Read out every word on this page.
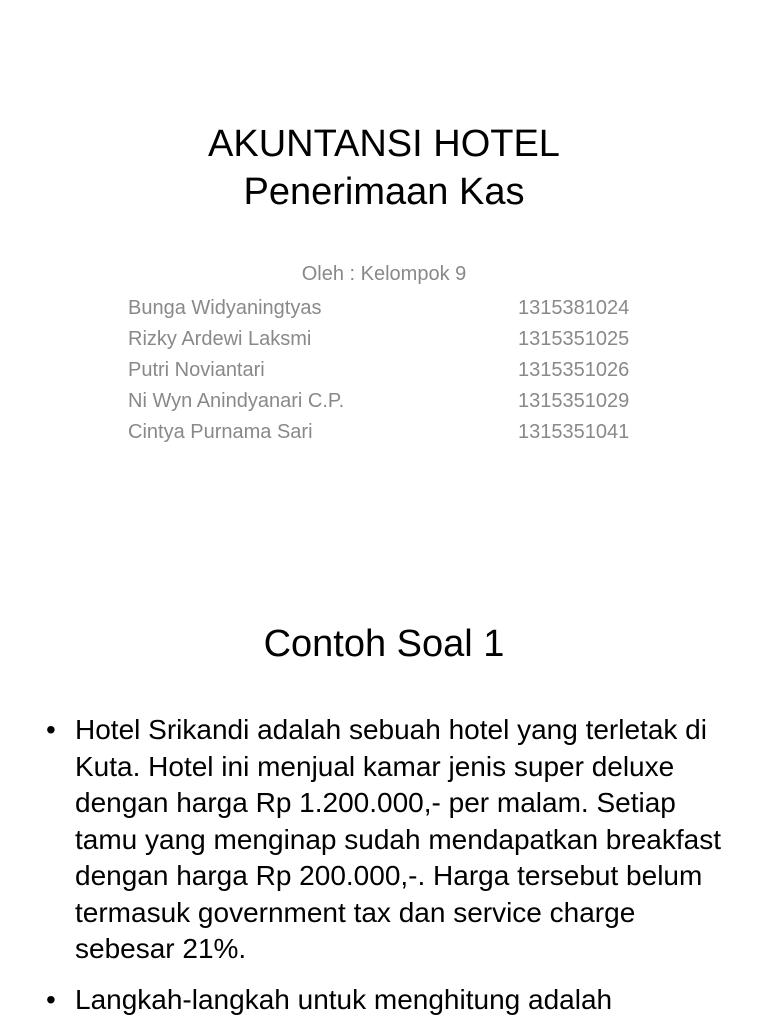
AKUNTANSI HOTEL
Penerimaan Kas
Oleh : Kelompok 9
Bunga Widyaningtyas	1315381024
Rizky Ardewi Laksmi	1315351025
Putri Noviantari	1315351026
Ni Wyn Anindyanari C.P.	1315351029
Cintya Purnama Sari	1315351041
Contoh Soal 1
• Hotel Srikandi adalah sebuah hotel yang terletak di Kuta. Hotel ini menjual kamar jenis super deluxe dengan harga Rp 1.200.000,- per malam. Setiap tamu yang menginap sudah mendapatkan breakfast dengan harga Rp 200.000,-. Harga tersebut belum termasuk government tax dan service charge sebesar 21%.
• Langkah-langkah untuk menghitung adalah
